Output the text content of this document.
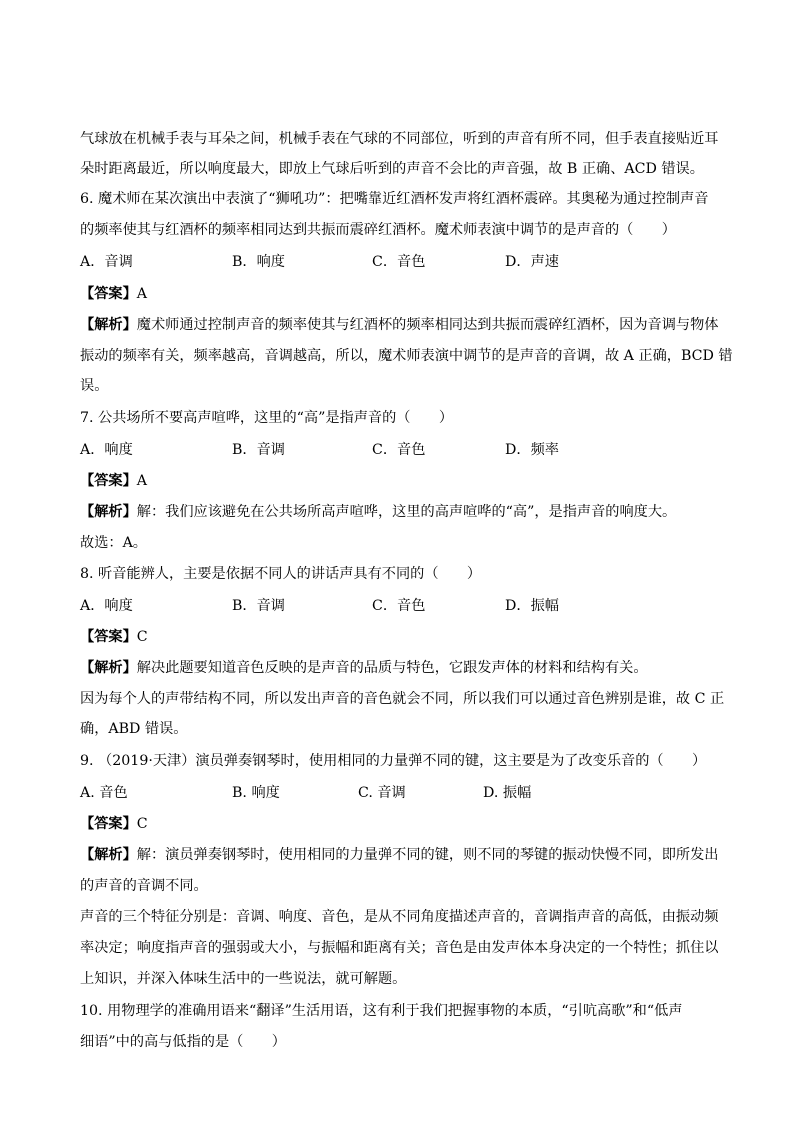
气球放在机械手表与耳朵之间，机械手表在气球的不同部位，听到的声音有所不同，但手表直接贴近耳
朵时距离最近，所以响度最大，即放上气球后听到的声音不会比的声音强，故 B 正确、ACD 错误。
6. 魔术师在某次演出中表演了“狮吼功”：把嘴靠近红酒杯发声将红酒杯震碎。其奥秘为通过控制声音
的频率使其与红酒杯的频率相同达到共振而震碎红酒杯。魔术师表演中调节的是声音的（　　）
A．音调	B．响度	C．音色	D．声速
【答案】A
【解析】魔术师通过控制声音的频率使其与红酒杯的频率相同达到共振而震碎红酒杯，因为音调与物体
振动的频率有关，频率越高，音调越高，所以，魔术师表演中调节的是声音的音调，故 A 正确，BCD 错
误。
7. 公共场所不要高声喧哗，这里的“高”是指声音的（　　）
A．响度	B．音调	C．音色	D．频率
【答案】A
【解析】解：我们应该避免在公共场所高声喧哗，这里的高声喧哗的“高”，是指声音的响度大。
故选：A。
8. 听音能辨人，主要是依据不同人的讲话声具有不同的（　　）
A．响度	B．音调	C．音色	D．振幅
【答案】C
【解析】解决此题要知道音色反映的是声音的品质与特色，它跟发声体的材料和结构有关。
因为每个人的声带结构不同，所以发出声音的音色就会不同，所以我们可以通过音色辨别是谁，故 C 正
确，ABD 错误。
9. （2019·天津）演员弹奏钢琴时，使用相同的力量弹不同的键，这主要是为了改变乐音的（　　）
A. 音色	B. 响度	C. 音调	D. 振幅
【答案】C
【解析】解：演员弹奏钢琴时，使用相同的力量弹不同的键，则不同的琴键的振动快慢不同，即所发出
的声音的音调不同。
声音的三个特征分别是：音调、响度、音色，是从不同角度描述声音的，音调指声音的高低，由振动频
率决定；响度指声音的强弱或大小，与振幅和距离有关；音色是由发声体本身决定的一个特性；抓住以
上知识，并深入体味生活中的一些说法，就可解题。
10. 用物理学的准确用语来“翻译”生活用语，这有利于我们把握事物的本质，“引吭高歌”和“低声
细语”中的高与低指的是（　　）
